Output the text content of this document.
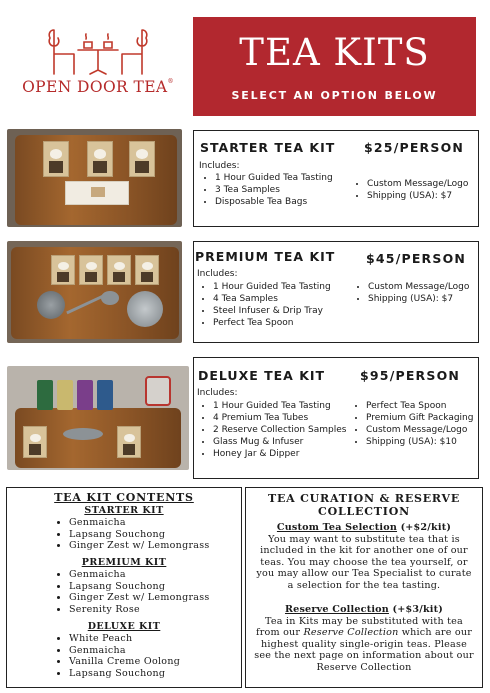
OPEN DOOR TEA®
TEA KITS
SELECT AN OPTION BELOW
STARTER TEA KIT $25/PERSON
Includes:
• 1 Hour Guided Tea Tasting
• 3 Tea Samples
• Disposable Tea Bags
• Custom Message/Logo
• Shipping (USA): $7
PREMIUM TEA KIT $45/PERSON
Includes:
• 1 Hour Guided Tea Tasting
• 4 Tea Samples
• Steel Infuser & Drip Tray
• Perfect Tea Spoon
• Custom Message/Logo
• Shipping (USA): $7
DELUXE TEA KIT	$95/PERSON
Includes:
• 1 Hour Guided Tea Tasting
• 4 Premium Tea Tubes
• 2 Reserve Collection Samples
• Glass Mug & Infuser
• Honey Jar & Dipper
• Perfect Tea Spoon
• Premium Gift Packaging
• Custom Message/Logo
• Shipping (USA): $10
TEA KIT CONTENTS
STARTER KIT
• Genmaicha
• Lapsang Souchong
• Ginger Zest w/ Lemongrass
PREMIUM KIT
• Genmaicha
• Lapsang Souchong
• Ginger Zest w/ Lemongrass
• Serenity Rose
DELUXE KIT
• White Peach
• Genmaicha
• Vanilla Creme Oolong
• Lapsang Souchong
TEA CURATION & RESERVE
COLLECTION
Custom Tea Selection (+$2/kit)
You may want to substitute tea that is included in the kit for another one of our teas. You may choose the tea yourself, or you may allow our Tea Specialist to curate a selection for the tea tasting.
Reserve Collection (+$3/kit)
Tea in Kits may be substituted with tea from our Reserve Collection which are our highest quality single-origin teas. Please see the next page on information about our Reserve Collection
